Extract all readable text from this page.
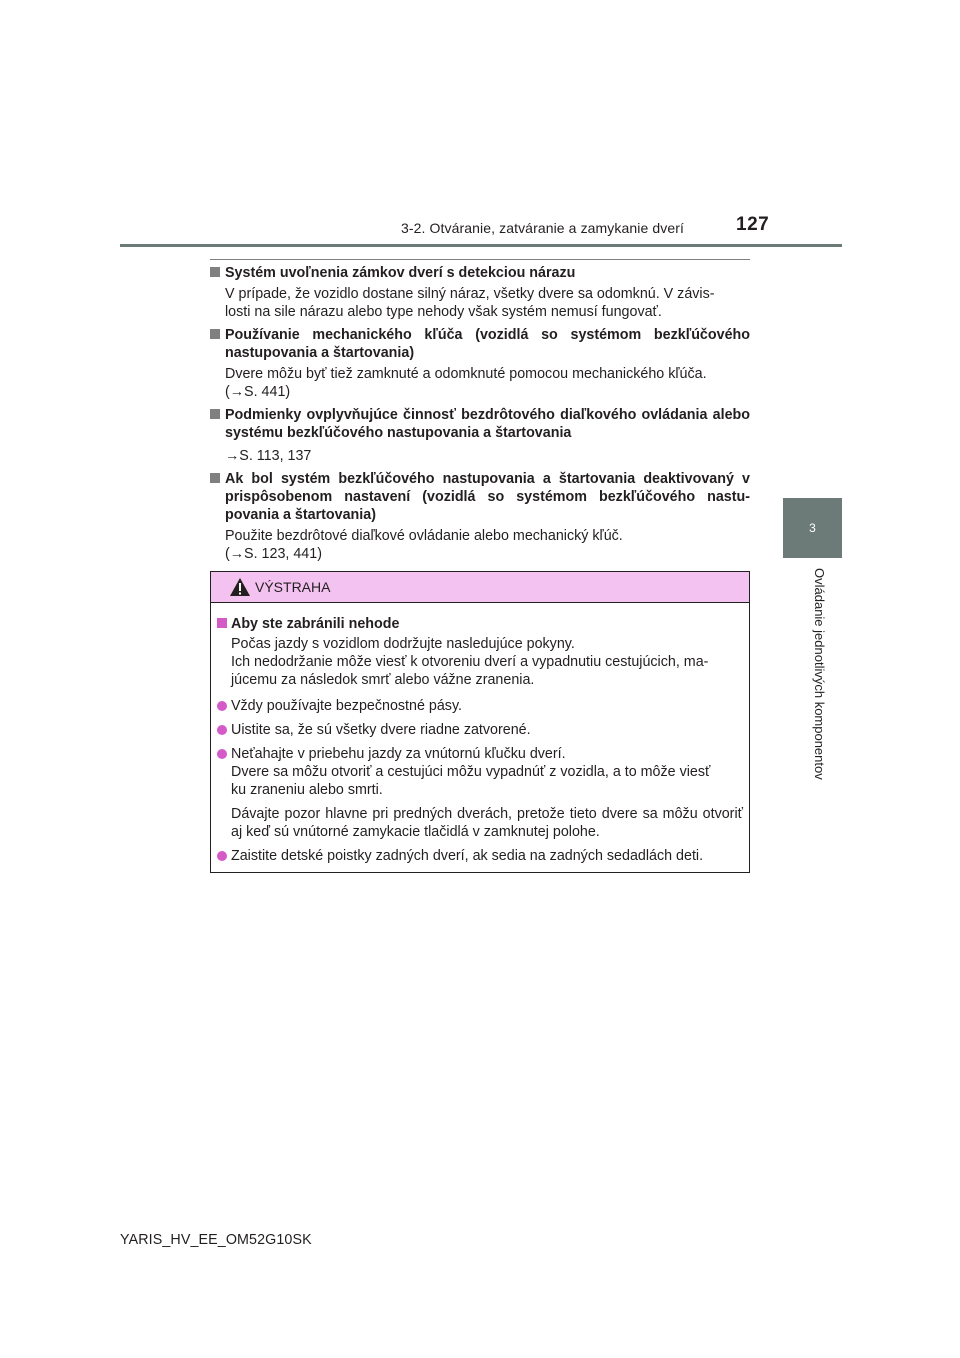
3-2. Otváranie, zatváranie a zamykanie dverí	127
3
Ovládanie jednotlivých komponentov
Systém uvoľnenia zámkov dverí s detekciou nárazu
V prípade, že vozidlo dostane silný náraz, všetky dvere sa odomknú. V závis-
losti na sile nárazu alebo type nehody však systém nemusí fungovať.
Používanie mechanického kľúča (vozidlá so systémom bezkľúčového nastupovania a štartovania)
Dvere môžu byť tiež zamknuté a odomknuté pomocou mechanického kľúča.
(→S. 441)
Podmienky ovplyvňujúce činnosť bezdrôtového diaľkového ovládania alebo systému bezkľúčového nastupovania a štartovania
→S. 113, 137
Ak bol systém bezkľúčového nastupovania a štartovania deaktivovaný v prispôsobenom nastavení (vozidlá so systémom bezkľúčového nastu-povania a štartovania)
Použite bezdrôtové diaľkové ovládanie alebo mechanický kľúč.
(→S. 123, 441)
VÝSTRAHA
Aby ste zabránili nehode
Počas jazdy s vozidlom dodržujte nasledujúce pokyny.
Ich nedodržanie môže viesť k otvoreniu dverí a vypadnutiu cestujúcich, ma-
júcemu za následok smrť alebo vážne zranenia.
Vždy používajte bezpečnostné pásy.
Uistite sa, že sú všetky dvere riadne zatvorené.
Neťahajte v priebehu jazdy za vnútornú kľučku dverí.
Dvere sa môžu otvoriť a cestujúci môžu vypadnúť z vozidla, a to môže viesť
ku zraneniu alebo smrti.
Dávajte pozor hlavne pri predných dverách, pretože tieto dvere sa môžu otvoriť aj keď sú vnútorné zamykacie tlačidlá v zamknutej polohe.
Zaistite detské poistky zadných dverí, ak sedia na zadných sedadlách deti.
YARIS_HV_EE_OM52G10SK
